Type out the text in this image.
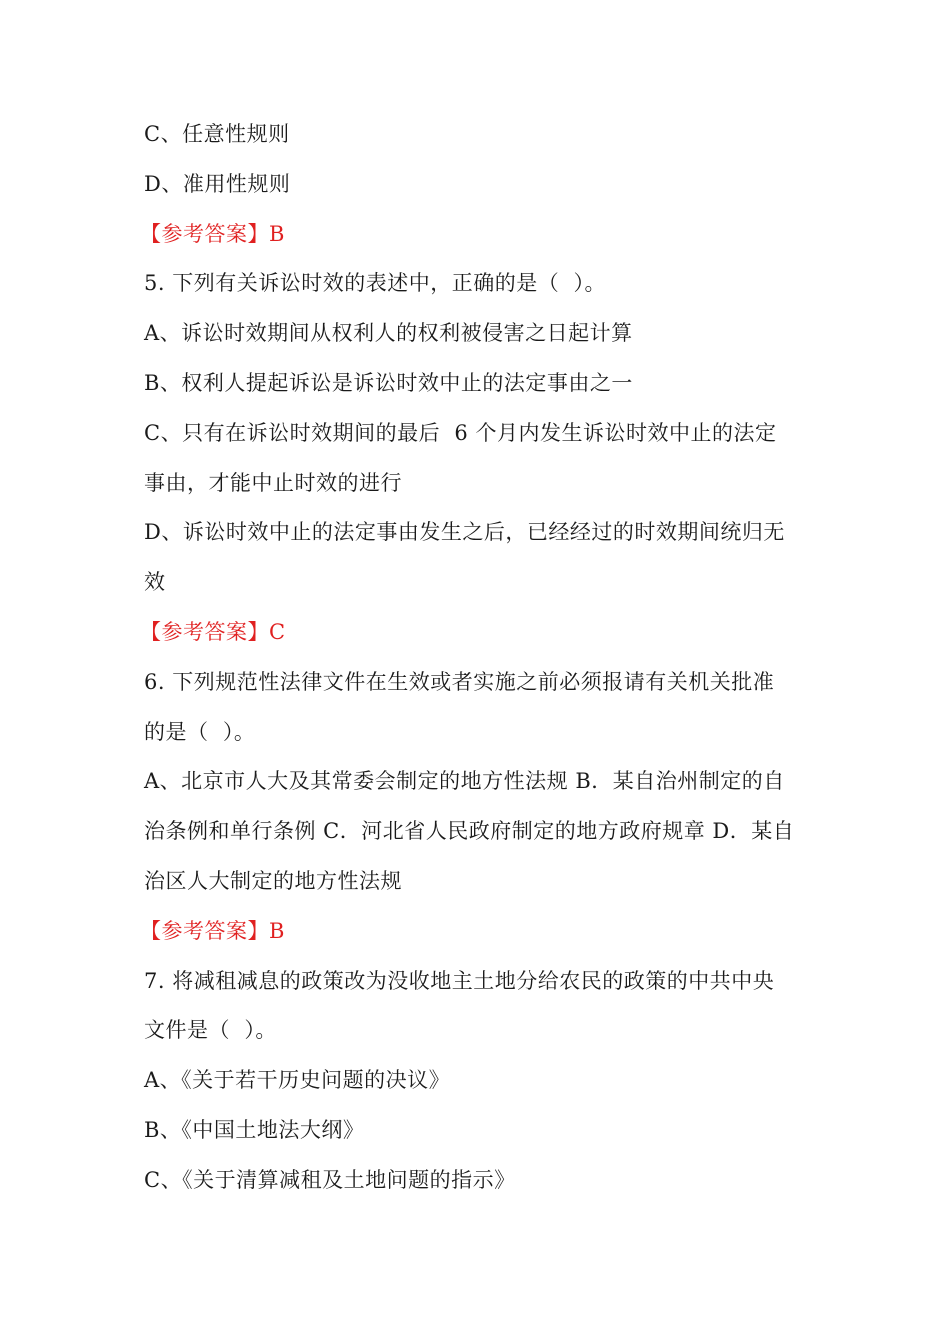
C、任意性规则
D、准用性规则
【参考答案】B
5. 下列有关诉讼时效的表述中，正确的是（  ）。
A、诉讼时效期间从权利人的权利被侵害之日起计算
B、权利人提起诉讼是诉讼时效中止的法定事由之一
C、只有在诉讼时效期间的最后  6 个月内发生诉讼时效中止的法定
事由，才能中止时效的进行
D、诉讼时效中止的法定事由发生之后，已经经过的时效期间统归无
效
【参考答案】C
6. 下列规范性法律文件在生效或者实施之前必须报请有关机关批准
的是（  ）。
A、北京市人大及其常委会制定的地方性法规 B．某自治州制定的自
治条例和单行条例 C．河北省人民政府制定的地方政府规章 D．某自
治区人大制定的地方性法规
【参考答案】B
7. 将减租减息的政策改为没收地主土地分给农民的政策的中共中央
文件是（  ）。
A、《关于若干历史问题的决议》
B、《中国土地法大纲》
C、《关于清算减租及土地问题的指示》
